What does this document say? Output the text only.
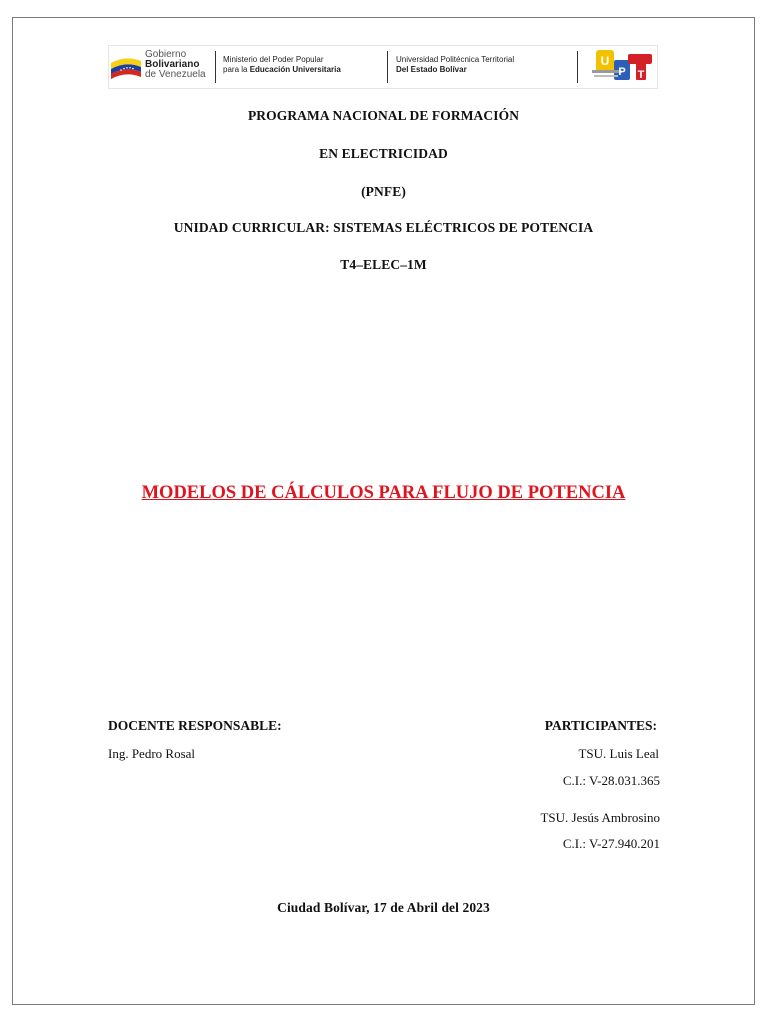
Gobierno
Bolivariano
de Venezuela
Ministerio del Poder Popular
para la Educación Universitaria
Universidad Politécnica Territorial
Del Estado Bolívar
U
P T
PROGRAMA NACIONAL DE FORMACIÓN
EN ELECTRICIDAD
(PNFE)
UNIDAD CURRICULAR: SISTEMAS ELÉCTRICOS DE POTENCIA
T4–ELEC–1M
MODELOS DE CÁLCULOS PARA FLUJO DE POTENCIA
DOCENTE RESPONSABLE:
Ing. Pedro Rosal
PARTICIPANTES:
TSU. Luis Leal
C.I.: V-28.031.365
TSU. Jesús Ambrosino
C.I.: V-27.940.201
Ciudad Bolívar, 17 de Abril del 2023
